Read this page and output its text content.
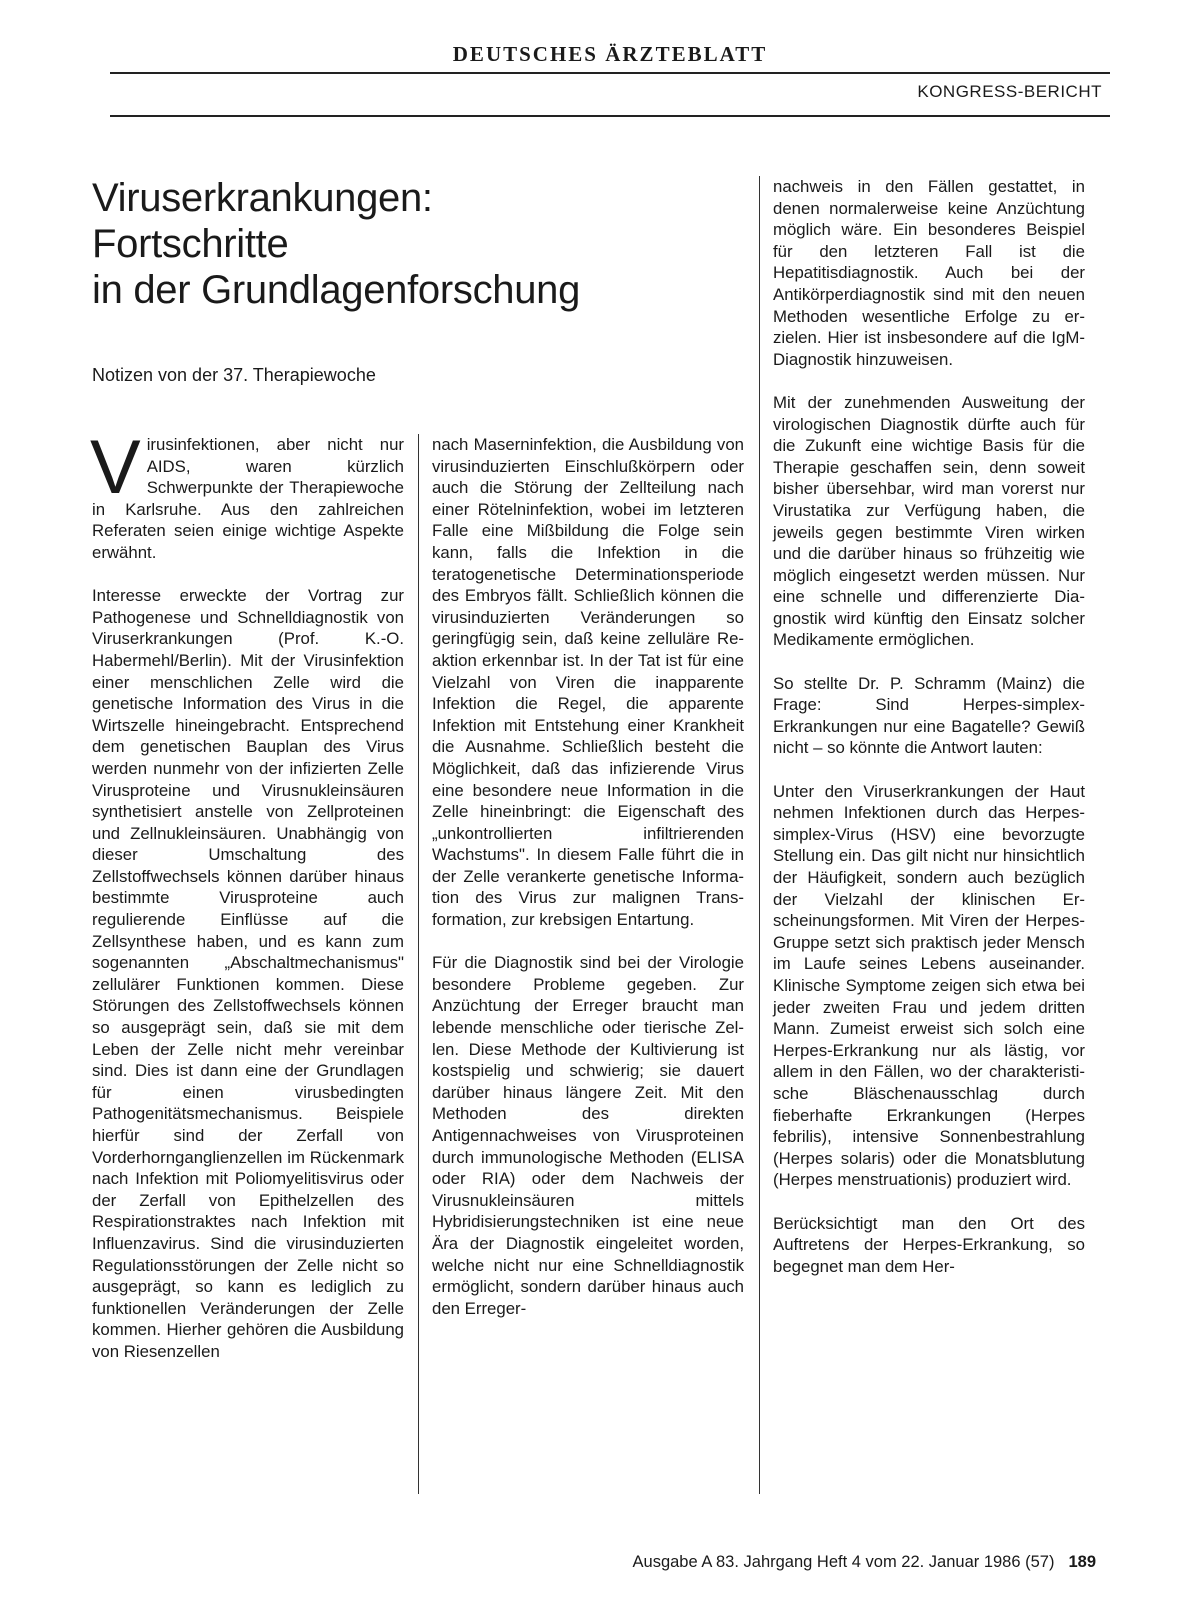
DEUTSCHES ÄRZTEBLATT
KONGRESS-BERICHT
Viruserkrankungen:
Fortschritte
in der Grundlagenforschung
Notizen von der 37. Therapiewoche

Virusinfektionen, aber nicht nur AIDS, waren kürzlich Schwerpunkte der Therapiewoche in Karlsruhe. Aus den zahlreichen Referaten seien einige wichtige Aspekte erwähnt.

Interesse erweckte der Vortrag zur Pathogenese und Schnelldiagnostik von Viruserkrankungen (Prof. K.-O. Habermehl/Berlin). Mit der Virusinfektion einer menschlichen Zelle wird die genetische Information des Virus in die Wirtszelle hineingebracht. Entsprechend dem genetischen Bauplan des Virus werden nunmehr von der infizierten Zelle Virusproteine und Virusnukleinsäuren synthetisiert anstelle von Zellproteinen und Zellnukleinsäuren. Unabhängig von dieser Umschaltung des Zellstoffwechsels können darüber hinaus bestimmte Virusproteine auch regulierende Einflüsse auf die Zellsynthese haben, und es kann zum sogenannten „Abschaltmechanismus" zellulärer Funktionen kommen. Diese Störungen des Zellstoffwechsels können so ausgeprägt sein, daß sie mit dem Leben der Zelle nicht mehr vereinbar sind. Dies ist dann eine der Grundlagen für einen virusbedingten Pathogenitätsmechanismus. Beispiele hierfür sind der Zerfall von Vorderhornganglienzellen im Rückenmark nach Infektion mit Poliomyelitisvirus oder der Zerfall von Epithelzellen des Respirationstraktes nach Infektion mit Influenzavirus. Sind die virusinduzierten Regulationsstörungen der Zelle nicht so ausgeprägt, so kann es lediglich zu funktionellen Veränderungen der Zelle kommen. Hierher gehören die Ausbildung von Riesenzellen

nach Maserninfektion, die Ausbildung von virusinduzierten Einschlußkörpern oder auch die Störung der Zellteilung nach einer Rötelninfektion, wobei im letzteren Falle eine Mißbildung die Folge sein kann, falls die Infektion in die teratogenetische Determinationsperiode des Embryos fällt. Schließlich können die virusinduzierten Veränderungen so geringfügig sein, daß keine zelluläre Reaktion erkennbar ist. In der Tat ist für eine Vielzahl von Viren die inapparente Infektion die Regel, die apparente Infektion mit Entstehung einer Krankheit die Ausnahme. Schließlich besteht die Möglichkeit, daß das infizierende Virus eine besondere neue Information in die Zelle hineinbringt: die Eigenschaft des „unkontrollierten infiltrierenden Wachstums". In diesem Falle führt die in der Zelle verankerte genetische Information des Virus zur malignen Transformation, zur krebsigen Entartung.

Für die Diagnostik sind bei der Virologie besondere Probleme gegeben. Zur Anzüchtung der Erreger braucht man lebende menschliche oder tierische Zellen. Diese Methode der Kultivierung ist kostspielig und schwierig; sie dauert darüber hinaus längere Zeit. Mit den Methoden des direkten Antigennachweises von Virusproteinen durch immunologische Methoden (ELISA oder RIA) oder dem Nachweis der Virusnukleinsäuren mittels Hybridisierungstechniken ist eine neue Ära der Diagnostik eingeleitet worden, welche nicht nur eine Schnelldiagnostik ermöglicht, sondern darüber hinaus auch den Erreger-

nachweis in den Fällen gestattet, in denen normalerweise keine Anzüchtung möglich wäre. Ein besonderes Beispiel für den letzteren Fall ist die Hepatitisdiagnostik. Auch bei der Antikörperdiagnostik sind mit den neuen Methoden wesentliche Erfolge zu erzielen. Hier ist insbesondere auf die IgM-Diagnostik hinzuweisen.

Mit der zunehmenden Ausweitung der virologischen Diagnostik dürfte auch für die Zukunft eine wichtige Basis für die Therapie geschaffen sein, denn soweit bisher übersehbar, wird man vorerst nur Virustatika zur Verfügung haben, die jeweils gegen bestimmte Viren wirken und die darüber hinaus so frühzeitig wie möglich eingesetzt werden müssen. Nur eine schnelle und differenzierte Diagnostik wird künftig den Einsatz solcher Medikamente ermöglichen.

So stellte Dr. P. Schramm (Mainz) die Frage: Sind Herpes-simplexErkrankungen nur eine Bagatelle? Gewiß nicht – so könnte die Antwort lauten:

Unter den Viruserkrankungen der Haut nehmen Infektionen durch das Herpes-simplex-Virus (HSV) eine bevorzugte Stellung ein. Das gilt nicht nur hinsichtlich der Häufigkeit, sondern auch bezüglich der Vielzahl der klinischen Erscheinungsformen. Mit Viren der Herpes-Gruppe setzt sich praktisch jeder Mensch im Laufe seines Lebens auseinander. Klinische Symptome zeigen sich etwa bei jeder zweiten Frau und jedem dritten Mann. Zumeist erweist sich solch eine Herpes-Erkrankung nur als lästig, vor allem in den Fällen, wo der charakteristische Bläschenausschlag durch fieberhafte Erkrankungen (Herpes febrilis), intensive Sonnenbestrahlung (Herpes solaris) oder die Monatsblutung (Herpes menstruationis) produziert wird.

Berücksichtigt man den Ort des Auftretens der Herpes-Erkrankung, so begegnet man dem Her-

Ausgabe A 83. Jahrgang Heft 4 vom 22. Januar 1986 (57) 189
